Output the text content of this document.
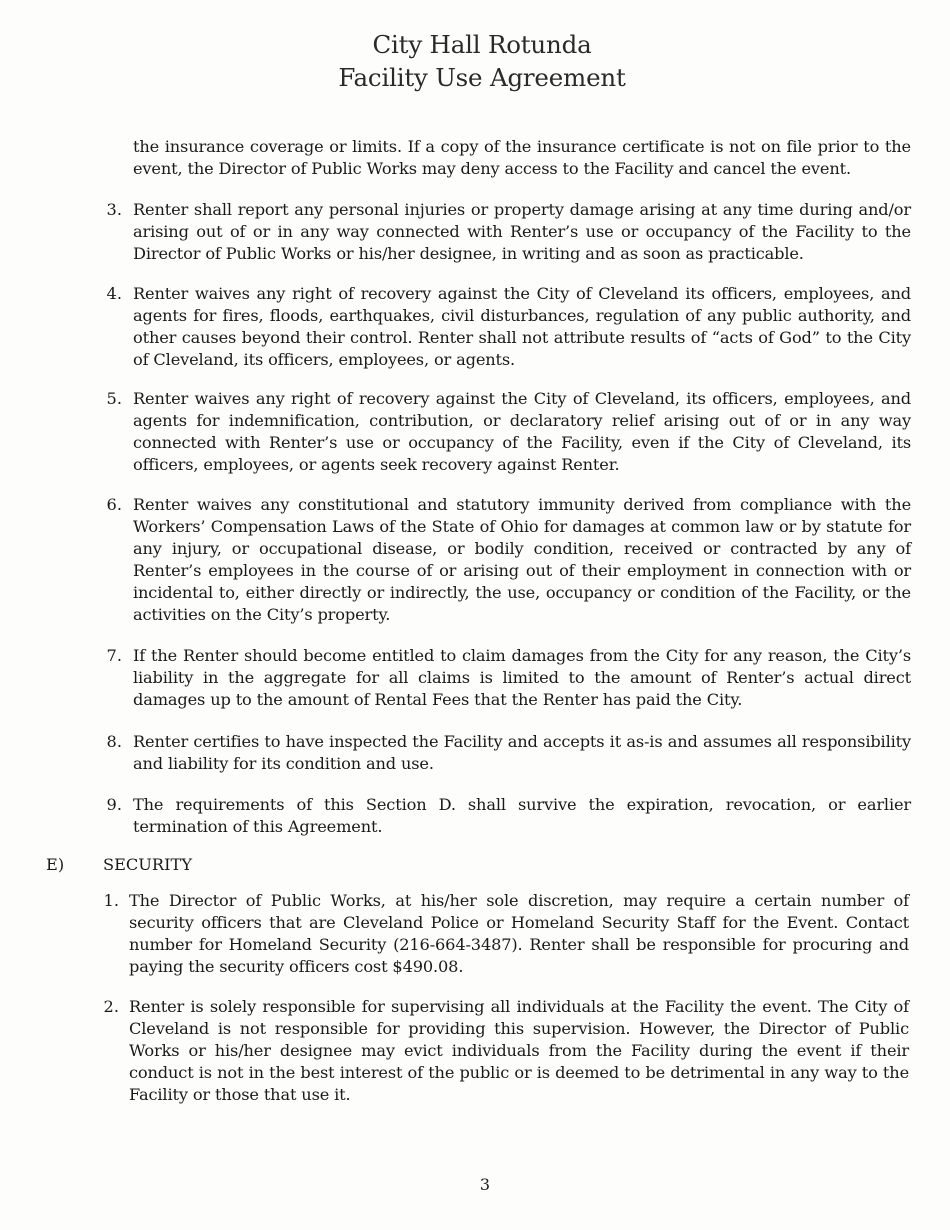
City Hall Rotunda
Facility Use Agreement

the insurance coverage or limits. If a copy of the insurance certificate is not on file prior to the event, the Director of Public Works may deny access to the Facility and cancel the event.

3. Renter shall report any personal injuries or property damage arising at any time during and/or arising out of or in any way connected with Renter’s use or occupancy of the Facility to the Director of Public Works or his/her designee, in writing and as soon as practicable.

4. Renter waives any right of recovery against the City of Cleveland its officers, employees, and agents for fires, floods, earthquakes, civil disturbances, regulation of any public authority, and other causes beyond their control. Renter shall not attribute results of “acts of God” to the City of Cleveland, its officers, employees, or agents.

5. Renter waives any right of recovery against the City of Cleveland, its officers, employees, and agents for indemnification, contribution, or declaratory relief arising out of or in any way connected with Renter’s use or occupancy of the Facility, even if the City of Cleveland, its officers, employees, or agents seek recovery against Renter.

6. Renter waives any constitutional and statutory immunity derived from compliance with the Workers’ Compensation Laws of the State of Ohio for damages at common law or by statute for any injury, or occupational disease, or bodily condition, received or contracted by any of Renter’s employees in the course of or arising out of their employment in connection with or incidental to, either directly or indirectly, the use, occupancy or condition of the Facility, or the activities on the City’s property.

7. If the Renter should become entitled to claim damages from the City for any reason, the City’s liability in the aggregate for all claims is limited to the amount of Renter’s actual direct damages up to the amount of Rental Fees that the Renter has paid the City.

8. Renter certifies to have inspected the Facility and accepts it as-is and assumes all responsibility and liability for its condition and use.

9. The requirements of this Section D. shall survive the expiration, revocation, or earlier termination of this Agreement.

E) SECURITY
1. The Director of Public Works, at his/her sole discretion, may require a certain number of security officers that are Cleveland Police or Homeland Security Staff for the Event. Contact number for Homeland Security (216-664-3487). Renter shall be responsible for procuring and paying the security officers cost $490.08.

2. Renter is solely responsible for supervising all individuals at the Facility the event. The City of Cleveland is not responsible for providing this supervision. However, the Director of Public Works or his/her designee may evict individuals from the Facility during the event if their conduct is not in the best interest of the public or is deemed to be detrimental in any way to the Facility or those that use it.

3
